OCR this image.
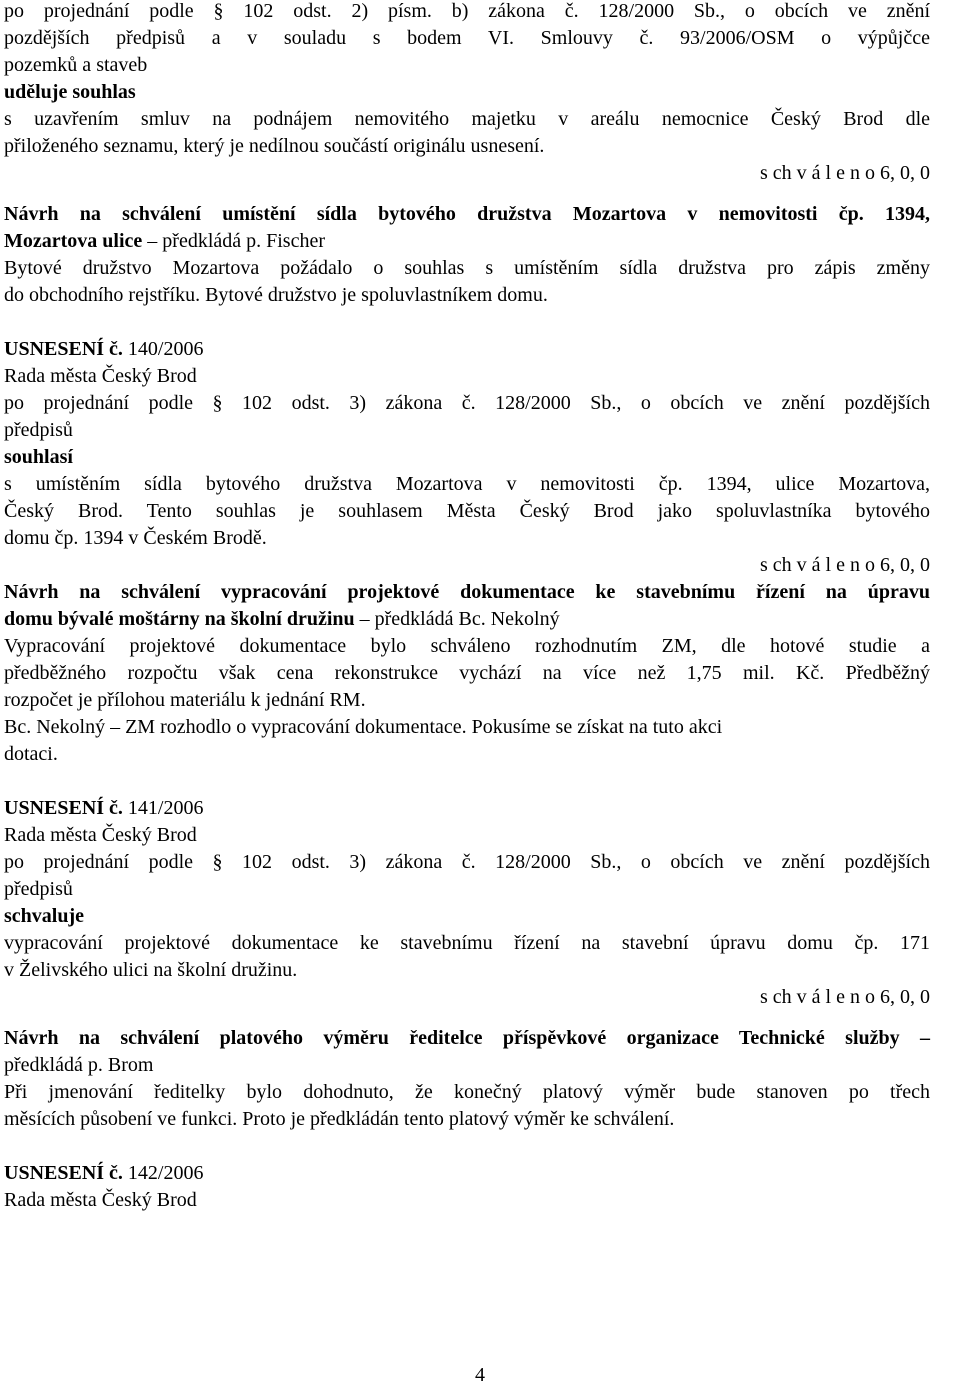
po projednání podle § 102 odst. 2) písm. b) zákona č. 128/2000 Sb., o obcích ve znění
pozdějších předpisů a v souladu s bodem VI. Smlouvy č. 93/2006/OSM o výpůjčce
pozemků a staveb
uděluje souhlas
s uzavřením smluv na podnájem nemovitého majetku v areálu nemocnice Český Brod dle
přiloženého seznamu, který je nedílnou součástí originálu usnesení.
s ch v á l e n o 6, 0, 0
Návrh na schválení umístění sídla bytového družstva Mozartova v nemovitosti čp. 1394,
Mozartova ulice – předkládá p. Fischer
Bytové družstvo Mozartova požádalo o souhlas s umístěním sídla družstva pro zápis změny
do obchodního rejstříku. Bytové družstvo je spoluvlastníkem domu.
USNESENÍ č. 140/2006
Rada města Český Brod
po projednání podle § 102 odst. 3) zákona č. 128/2000 Sb., o obcích ve znění pozdějších
předpisů
souhlasí
s umístěním sídla bytového družstva Mozartova v nemovitosti čp. 1394, ulice Mozartova,
Český Brod. Tento souhlas je souhlasem Města Český Brod jako spoluvlastníka bytového
domu čp. 1394 v Českém Brodě.
s ch v á l e n o 6, 0, 0
Návrh na schválení vypracování projektové dokumentace ke stavebnímu řízení na úpravu
domu bývalé moštárny na školní družinu – předkládá Bc. Nekolný
Vypracování projektové dokumentace bylo schváleno rozhodnutím ZM, dle hotové studie a
předběžného rozpočtu však cena rekonstrukce vychází na více než 1,75 mil. Kč. Předběžný
rozpočet je přílohou materiálu k jednání RM.
Bc. Nekolný – ZM rozhodlo o vypracování dokumentace. Pokusíme se získat na tuto akci
dotaci.
USNESENÍ č. 141/2006
Rada města Český Brod
po projednání podle § 102 odst. 3) zákona č. 128/2000 Sb., o obcích ve znění pozdějších
předpisů
schvaluje
vypracování projektové dokumentace ke stavebnímu řízení na stavební úpravu domu čp. 171
v Želivského ulici na školní družinu.
s ch v á l e n o 6, 0, 0
Návrh na schválení platového výměru ředitelce příspěvkové organizace Technické služby –
předkládá p. Brom
Při jmenování ředitelky bylo dohodnuto, že konečný platový výměr bude stanoven po třech
měsících působení ve funkci. Proto je předkládán tento platový výměr ke schválení.
USNESENÍ č. 142/2006
Rada města Český Brod
4
